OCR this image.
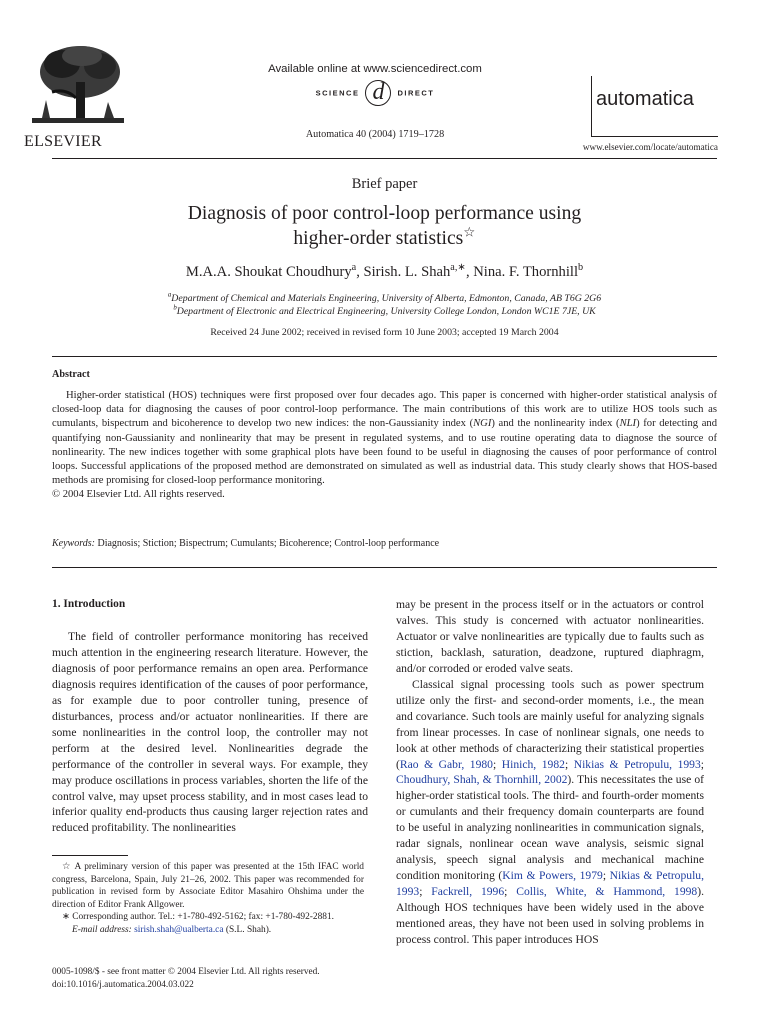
ELSEVIER
Available online at www.sciencedirect.com
SCIENCE d DIRECT
Automatica 40 (2004) 1719–1728
automatica
www.elsevier.com/locate/automatica
Brief paper
Diagnosis of poor control-loop performance using
higher-order statistics☆
M.A.A. Shoukat Choudhury$^a$, Sirish. L. Shah$^{a,∗}$, Nina. F. Thornhill$^b$
$^a$Department of Chemical and Materials Engineering, University of Alberta, Edmonton, Canada, AB T6G 2G6
$^b$Department of Electronic and Electrical Engineering, University College London, London WC1E 7JE, UK
Received 24 June 2002; received in revised form 10 June 2003; accepted 19 March 2004
Abstract
Higher-order statistical (HOS) techniques were first proposed over four decades ago. This paper is concerned with higher-order statistical analysis of closed-loop data for diagnosing the causes of poor control-loop performance. The main contributions of this work are to utilize HOS tools such as cumulants, bispectrum and bicoherence to develop two new indices: the non-Gaussianity index (NGI) and the nonlinearity index (NLI) for detecting and quantifying non-Gaussianity and nonlinearity that may be present in regulated systems, and to use routine operating data to diagnose the source of nonlinearity. The new indices together with some graphical plots have been found to be useful in diagnosing the causes of poor performance of control loops. Successful applications of the proposed method are demonstrated on simulated as well as industrial data. This study clearly shows that HOS-based methods are promising for closed-loop performance monitoring.
© 2004 Elsevier Ltd. All rights reserved.
Keywords: Diagnosis; Stiction; Bispectrum; Cumulants; Bicoherence; Control-loop performance
1. Introduction

The field of controller performance monitoring has received much attention in the engineering research literature. However, the diagnosis of poor performance remains an open area. Performance diagnosis requires identification of the causes of poor performance, as for example due to poor controller tuning, presence of disturbances, process and/or actuator nonlinearities. If there are some nonlinearities in the control loop, the controller may not perform at the desired level. Nonlinearities degrade the performance of the controller in several ways. For example, they may produce oscillations in process variables, shorten the life of the control valve, may upset process stability, and in most cases lead to inferior quality end-products thus causing larger rejection rates and reduced profitability. The nonlinearities

☆ A preliminary version of this paper was presented at the 15th IFAC world congress, Barcelona, Spain, July 21–26, 2002. This paper was recommended for publication in revised form by Associate Editor Masahiro Ohshima under the direction of Editor Frank Allgower.
∗ Corresponding author. Tel.: +1-780-492-5162; fax: +1-780-492-2881.
E-mail address: sirish.shah@ualberta.ca (S.L. Shah).
0005-1098/$ - see front matter © 2004 Elsevier Ltd. All rights reserved.
doi:10.1016/j.automatica.2004.03.022

may be present in the process itself or in the actuators or control valves. This study is concerned with actuator nonlinearities. Actuator or valve nonlinearities are typically due to faults such as stiction, backlash, saturation, deadzone, ruptured diaphragm, and/or corroded or eroded valve seats.

Classical signal processing tools such as power spectrum utilize only the first- and second-order moments, i.e., the mean and covariance. Such tools are mainly useful for analyzing signals from linear processes. In case of nonlinear signals, one needs to look at other methods of characterizing their statistical properties (Rao & Gabr, 1980; Hinich, 1982; Nikias & Petropulu, 1993; Choudhury, Shah, & Thornhill, 2002). This necessitates the use of higher-order statistical tools. The third- and fourth-order moments or cumulants and their frequency domain counterparts are found to be useful in analyzing nonlinearities in communication signals, radar signals, nonlinear ocean wave analysis, seismic signal analysis, speech signal analysis and mechanical machine condition monitoring (Kim & Powers, 1979; Nikias & Petropulu, 1993; Fackrell, 1996; Collis, White, & Hammond, 1998). Although HOS techniques have been widely used in the above mentioned areas, they have not been used in solving problems in process control. This paper introduces HOS
